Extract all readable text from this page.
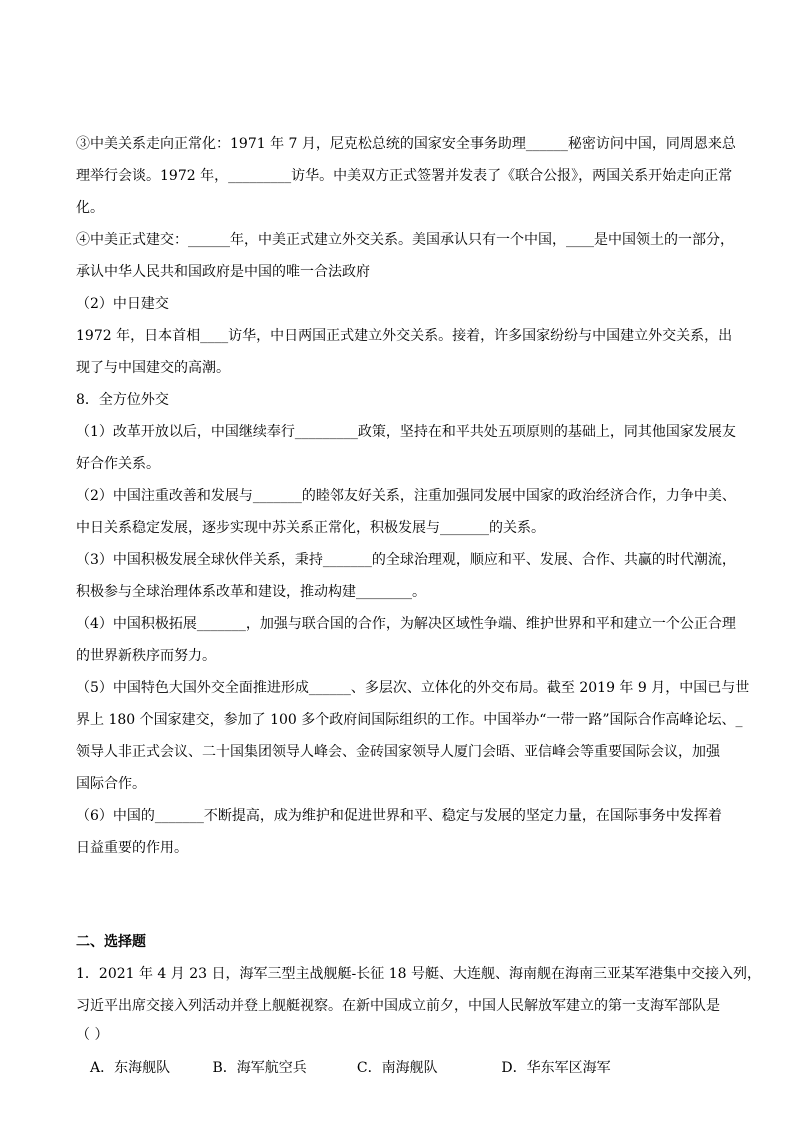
③中美关系走向正常化：1971 年 7 月，尼克松总统的国家安全事务助理______秘密访问中国，同周恩来总
理举行会谈。1972 年，_________访华。中美双方正式签署并发表了《联合公报》，两国关系开始走向正常
化。
④中美正式建交：______年，中美正式建立外交关系。美国承认只有一个中国，____是中国领土的一部分，
承认中华人民共和国政府是中国的唯一合法政府
（2）中日建交
1972 年，日本首相____访华，中日两国正式建立外交关系。接着，许多国家纷纷与中国建立外交关系，出
现了与中国建交的高潮。
8．全方位外交
（1）改革开放以后，中国继续奉行_________政策，坚持在和平共处五项原则的基础上，同其他国家发展友
好合作关系。
（2）中国注重改善和发展与_______的睦邻友好关系，注重加强同发展中国家的政治经济合作，力争中美、
中日关系稳定发展，逐步实现中苏关系正常化，积极发展与_______的关系。
（3）中国积极发展全球伙伴关系，秉持_______的全球治理观，顺应和平、发展、合作、共赢的时代潮流，
积极参与全球治理体系改革和建设，推动构建________。
（4）中国积极拓展_______，加强与联合国的合作，为解决区域性争端、维护世界和平和建立一个公正合理
的世界新秩序而努力。
（5）中国特色大国外交全面推进形成______、多层次、立体化的外交布局。截至 2019 年 9 月，中国已与世
界上 180 个国家建交，参加了 100 多个政府间国际组织的工作。中国举办“一带一路”国际合作高峰论坛、_
领导人非正式会议、二十国集团领导人峰会、金砖国家领导人厦门会晤、亚信峰会等重要国际会议，加强
国际合作。
（6）中国的_______不断提高，成为维护和促进世界和平、稳定与发展的坚定力量，在国际事务中发挥着
日益重要的作用。
二、选择题
1．2021 年 4 月 23 日，海军三型主战舰艇-长征 18 号艇、大连舰、海南舰在海南三亚某军港集中交接入列，
习近平出席交接入列活动并登上舰艇视察。在新中国成立前夕，中国人民解放军建立的第一支海军部队是
（ ）
A．东海舰队	B．海军航空兵	C．南海舰队	D．华东军区海军
